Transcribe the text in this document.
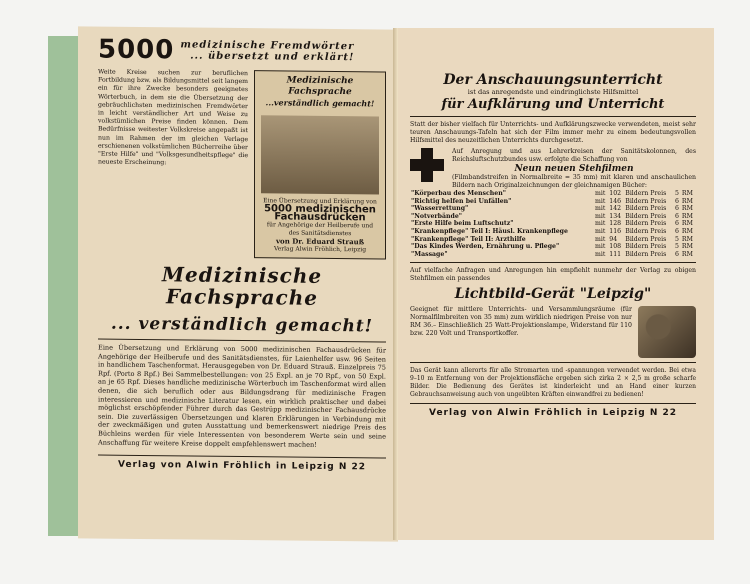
5000 medizinische Fremdwörter
... übersetzt und erklärt!
Weite Kreise suchen zur beruflichen Fortbildung bzw. als Bildungsmittel seit langem ein für ihre Zwecke besonders geeignetes Wörterbuch, in dem sie die Übersetzung der gebräuchlichsten medizinischen Fremdwörter in leicht verständlicher Art und Weise zu volkstümlichen Preise finden können. Dem Bedürfnisse weitester Volkskreise angepaßt ist nun im Rahmen der im gleichen Verlage erschienenen volkstümlichen Bücherreihe über "Erste Hilfe" und "Volksgesundheitspflege" die neueste Erscheinung:
Medizinische Fachsprache
...verständlich gemacht!
Eine Übersetzung und Erklärung von
5000 medizinischen Fachausdrücken
für Angehörige der Heilberufe und des Sanitätsdienstes
von Dr. Eduard Strauß
Verlag Alwin Fröhlich, Leipzig
Medizinische Fachsprache
... verständlich gemacht!
Eine Übersetzung und Erklärung von 5000 medizinischen Fachausdrücken für Angehörige der Heilberufe und des Sanitätsdienstes, für Laienhelfer usw. 96 Seiten in handlichem Taschenformat. Herausgegeben von Dr. Eduard Strauß. Einzelpreis 75 Rpf. (Porto 8 Rpf.) Bei Sammelbestellungen: von 25 Expl. an je 70 Rpf., von 50 Expl. an je 65 Rpf. Dieses handliche medizinische Wörterbuch im Taschenformat wird allen denen, die sich beruflich oder aus Bildungsdrang für medizinische Fragen interessieren und medizinische Literatur lesen, ein wirklich praktischer und dabei möglichst erschöpfender Führer durch das Gestrüpp medizinischer Fachausdrücke sein. Die zuverlässigen Übersetzungen und klaren Erklärungen in Verbindung mit der zweckmäßigen und guten Ausstattung und bemerkenswert niedrige Preis des Büchleins werden für viele Interessenten von besonderem Werte sein und seine Anschaffung für weitere Kreise doppelt empfehlenswert machen!
Verlag von Alwin Fröhlich in Leipzig N 22
Der Anschauungsunterricht
ist das anregendste und eindringlichste Hilfsmittel
für Aufklärung und Unterricht
Statt der bisher vielfach für Unterrichts- und Aufklärungszwecke verwendeten, meist sehr teuren Anschauungs-Tafeln hat sich der Film immer mehr zu einem bedeutungsvollen Hilfsmittel des neuzeitlichen Unterrichts durchgesetzt.
Auf Anregung und aus Lehrerkreisen der Sanitätskolonnen, des Reichsluftschutzbundes usw. erfolgte die Schaffung von
Neun neuen Stehfilmen
(Filmbandstreifen in Normalbreite = 35 mm) mit klaren und anschaulichen Bildern nach Originalzeichnungen der gleichnamigen Bücher:
"Körperbau des Menschen"	mit	102	Bildern Preis	5	RM
"Richtig helfen bei Unfällen"	mit	146	Bildern Preis	6	RM
"Wasserrettung"	mit	142	Bildern Preis	6	RM
"Notverbände"	mit	134	Bildern Preis	6	RM
"Erste Hilfe beim Luftschutz"	mit	128	Bildern Preis	6	RM
"Krankenpflege" Teil I: Häusl. Krankenpflege	mit	116	Bildern Preis	6	RM
"Krankenpflege" Teil II: Arzthilfe	mit	94	Bildern Preis	5	RM
"Das Kindes Werden, Ernährung u. Pflege"	mit	108	Bildern Preis	5	RM
"Massage"	mit	111	Bildern Preis	6	RM
Auf vielfache Anfragen und Anregungen hin empfiehlt nunmehr der Verlag zu obigen Stehfilmen ein passendes
Lichtbild-Gerät "Leipzig"
Geeignet für mittlere Unterrichts- und Versammlungsräume (für Normalfilmbreiten von 35 mm) zum wirklich niedrigen Preise von nur RM 36.– Einschließlich 25 Watt-Projektionslampe, Widerstand für 110 bzw. 220 Volt und Transportkoffer.
Das Gerät kann allerorts für alle Stromarten und -spannungen verwendet werden. Bei etwa 9–10 m Entfernung von der Projektionsfläche ergeben sich zirka 2 × 2,5 m große scharfe Bilder. Die Bedienung des Gerätes ist kinderleicht und an Hand einer kurzen Gebrauchsanweisung auch von ungeübten Kräften einwandfrei zu bedienen!
Verlag von Alwin Fröhlich in Leipzig N 22
